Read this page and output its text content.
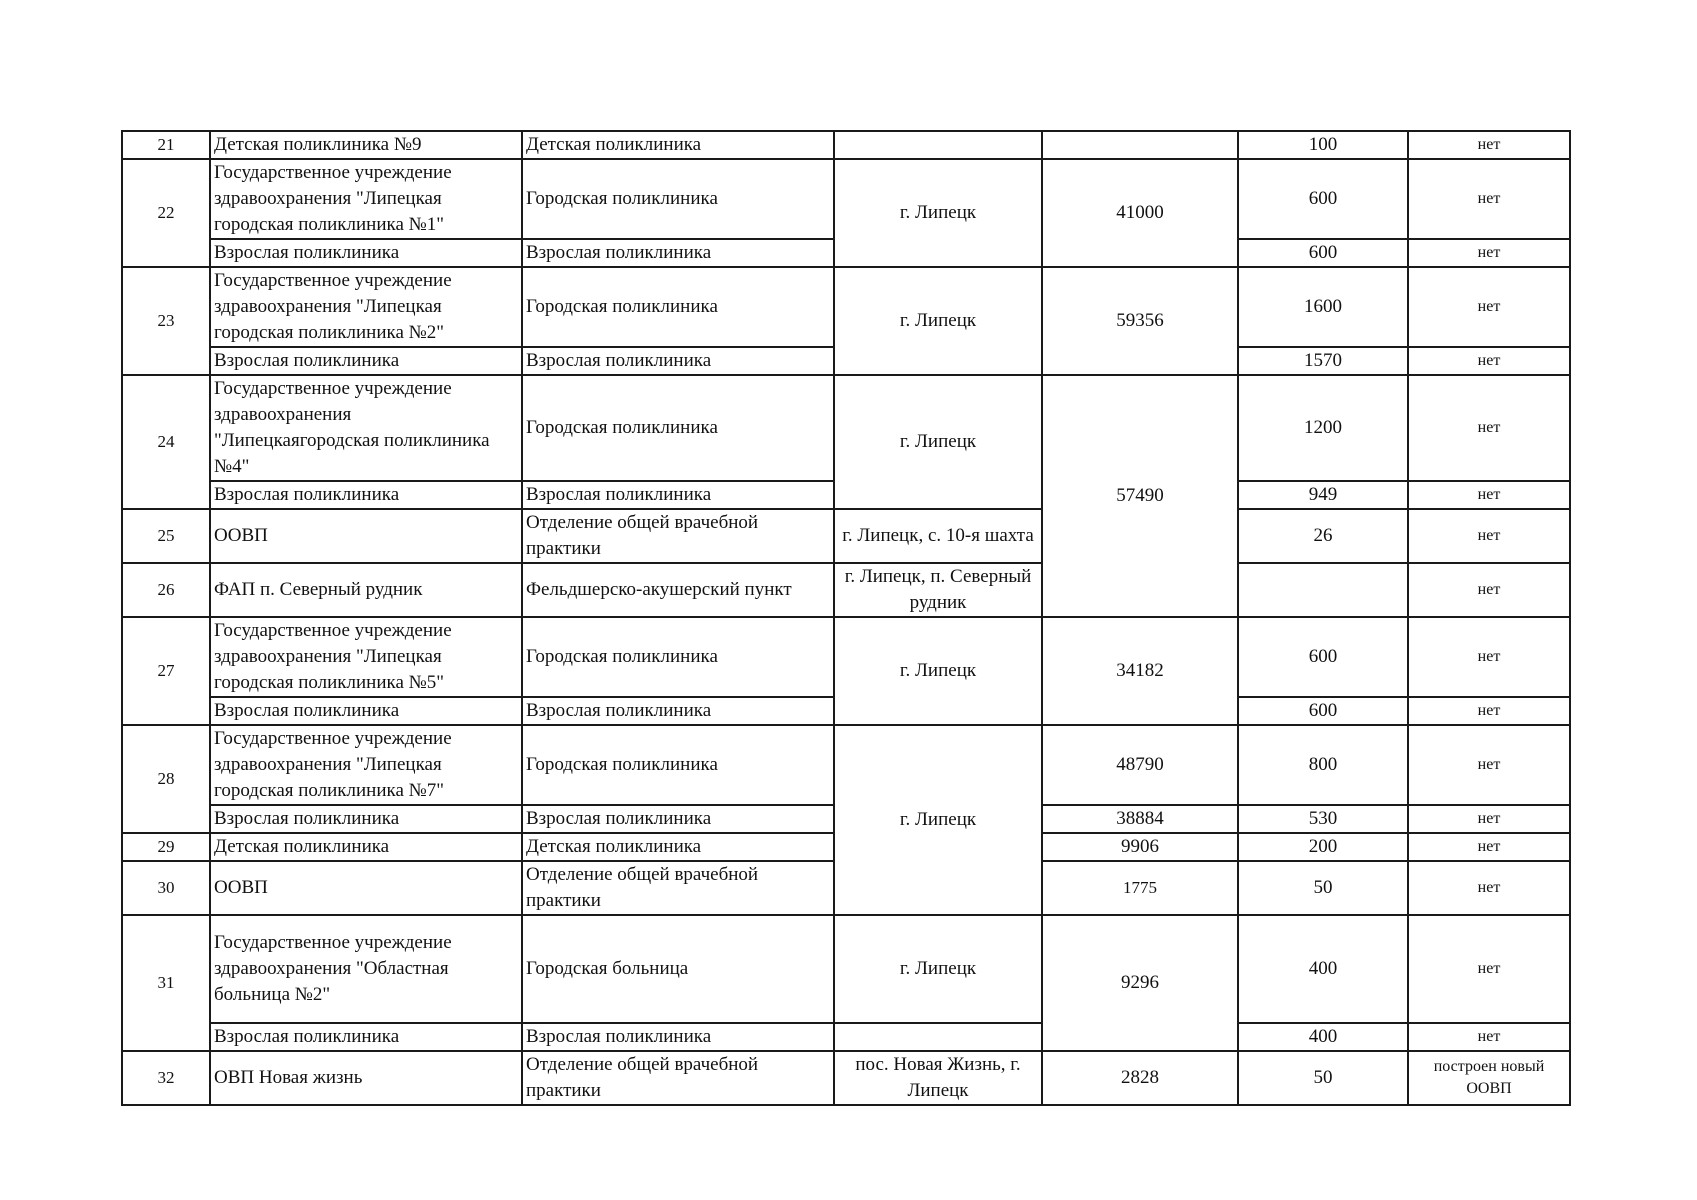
21	Детская поликлиника №9	Детская поликлиника			100	нет
22	Государственное учреждение здравоохранения "Липецкая городская поликлиника №1"	Городская поликлиника	г. Липецк	41000	600	нет
	Взрослая поликлиника	Взрослая поликлиника			600	нет
23	Государственное учреждение здравоохранения "Липецкая городская поликлиника №2"	Городская поликлиника	г. Липецк	59356	1600	нет
	Взрослая поликлиника	Взрослая поликлиника			1570	нет
24	Государственное учреждение здравоохранения "Липецкаягородская поликлиника №4"	Городская поликлиника	г. Липецк	57490	1200	нет
	Взрослая поликлиника	Взрослая поликлиника			949	нет
25	ООВП	Отделение общей врачебной практики	г. Липецк, с. 10-я шахта		26	нет
26	ФАП п. Северный рудник	Фельдшерско-акушерский пункт	г. Липецк, п. Северный рудник			нет
27	Государственное учреждение здравоохранения "Липецкая городская поликлиника №5"	Городская поликлиника	г. Липецк	34182	600	нет
	Взрослая поликлиника	Взрослая поликлиника			600	нет
28	Государственное учреждение здравоохранения "Липецкая городская поликлиника №7"	Городская поликлиника	г. Липецк	48790	800	нет
	Взрослая поликлиника	Взрослая поликлиника		38884	530	нет
29	Детская поликлиника	Детская поликлиника		9906	200	нет
30	ООВП	Отделение общей врачебной практики		1775	50	нет
31	Государственное учреждение здравоохранения "Областная больница №2"	Городская больница	г. Липецк	9296	400	нет
	Взрослая поликлиника	Взрослая поликлиника			400	нет
32	ОВП Новая жизнь	Отделение общей врачебной практики	пос. Новая Жизнь, г. Липецк	2828	50	построен новый ООВП
